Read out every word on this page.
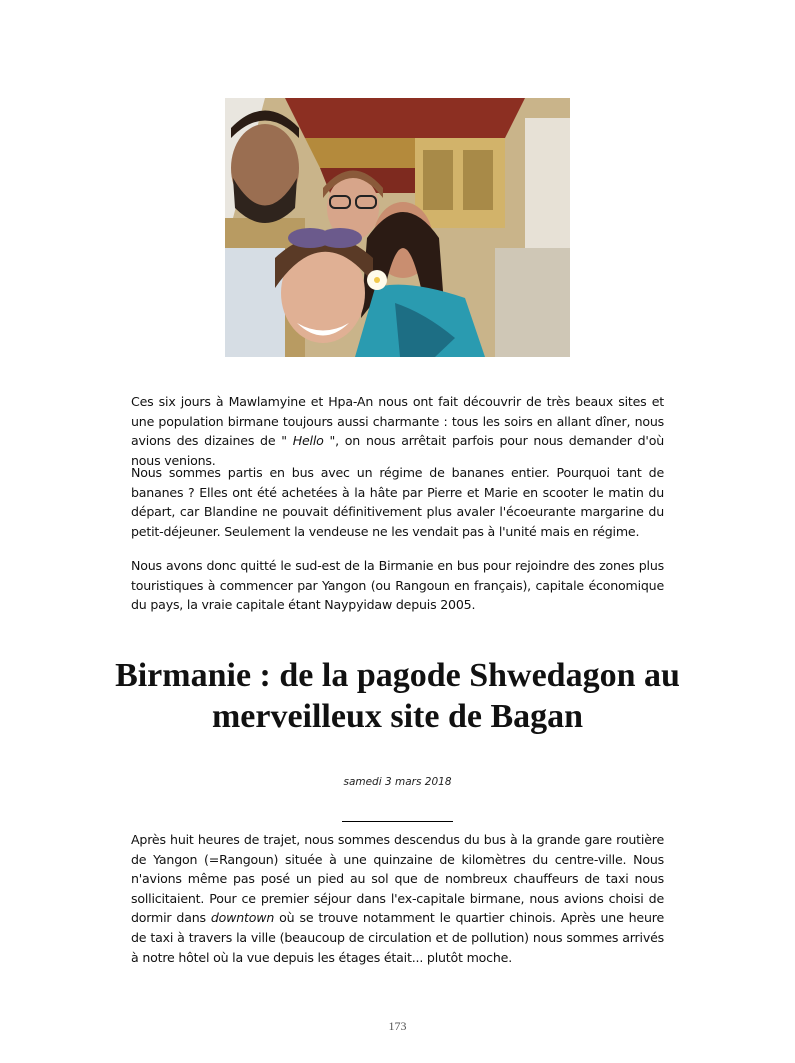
Ces six jours à Mawlamyine et Hpa-An nous ont fait découvrir de très beaux sites et une population birmane toujours aussi charmante : tous les soirs en allant dîner, nous avions des dizaines de " Hello ", on nous arrêtait parfois pour nous demander d'où nous venions.

Nous sommes partis en bus avec un régime de bananes entier. Pourquoi tant de bananes ? Elles ont été achetées à la hâte par Pierre et Marie en scooter le matin du départ, car Blandine ne pouvait définitivement plus avaler l'écoeurante margarine du petit-déjeuner. Seulement la vendeuse ne les vendait pas à l'unité mais en régime.

Nous avons donc quitté le sud-est de la Birmanie en bus pour rejoindre des zones plus touristiques à commencer par Yangon (ou Rangoun en français), capitale économique du pays, la vraie capitale étant Naypyidaw depuis 2005.

Birmanie : de la pagode Shwedagon au merveilleux site de Bagan
samedi 3 mars 2018

Après huit heures de trajet, nous sommes descendus du bus à la grande gare routière de Yangon (=Rangoun) située à une quinzaine de kilomètres du centre-ville. Nous n'avions même pas posé un pied au sol que de nombreux chauffeurs de taxi nous sollicitaient. Pour ce premier séjour dans l'ex-capitale birmane, nous avions choisi de dormir dans downtown où se trouve notamment le quartier chinois. Après une heure de taxi à travers la ville (beaucoup de circulation et de pollution) nous sommes arrivés à notre hôtel où la vue depuis les étages était... plutôt moche.

173
